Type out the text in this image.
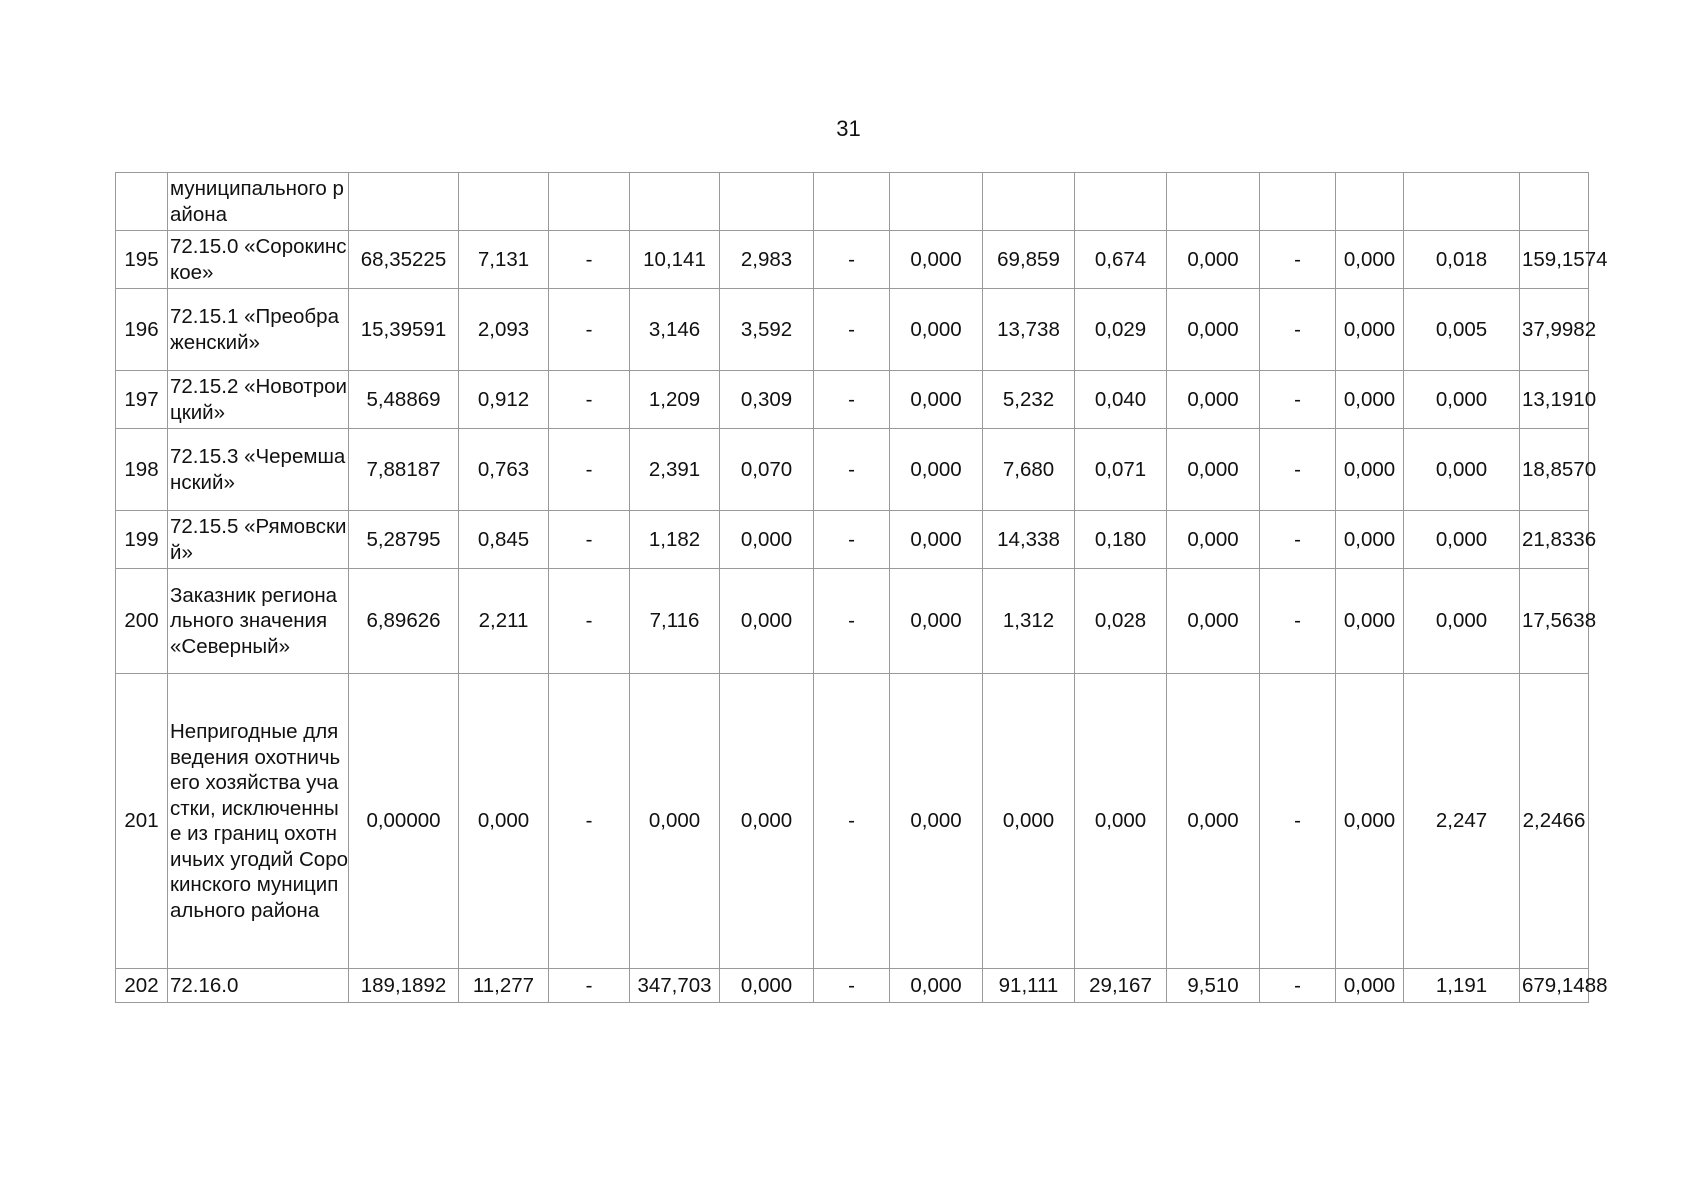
31
	муниципального района														
195	72.15.0 «Сорокинское»	68,35225	7,131	-	10,141	2,983	-	0,000	69,859	0,674	0,000	-	0,000	0,018	159,1574
196	72.15.1 «Преображенский»	15,39591	2,093	-	3,146	3,592	-	0,000	13,738	0,029	0,000	-	0,000	0,005	37,9982
197	72.15.2 «Новотроицкий»	5,48869	0,912	-	1,209	0,309	-	0,000	5,232	0,040	0,000	-	0,000	0,000	13,1910
198	72.15.3 «Черемшанский»	7,88187	0,763	-	2,391	0,070	-	0,000	7,680	0,071	0,000	-	0,000	0,000	18,8570
199	72.15.5 «Рямовский»	5,28795	0,845	-	1,182	0,000	-	0,000	14,338	0,180	0,000	-	0,000	0,000	21,8336
200	Заказник регионального значения «Северный»	6,89626	2,211	-	7,116	0,000	-	0,000	1,312	0,028	0,000	-	0,000	0,000	17,5638
201	Непригодные для ведения охотничьего хозяйства участки, исключенные из границ охотничьих угодий Сорокинского муниципального района	0,00000	0,000	-	0,000	0,000	-	0,000	0,000	0,000	0,000	-	0,000	2,247	2,2466
202	72.16.0	189,1892	11,277	-	347,703	0,000	-	0,000	91,111	29,167	9,510	-	0,000	1,191	679,1488
